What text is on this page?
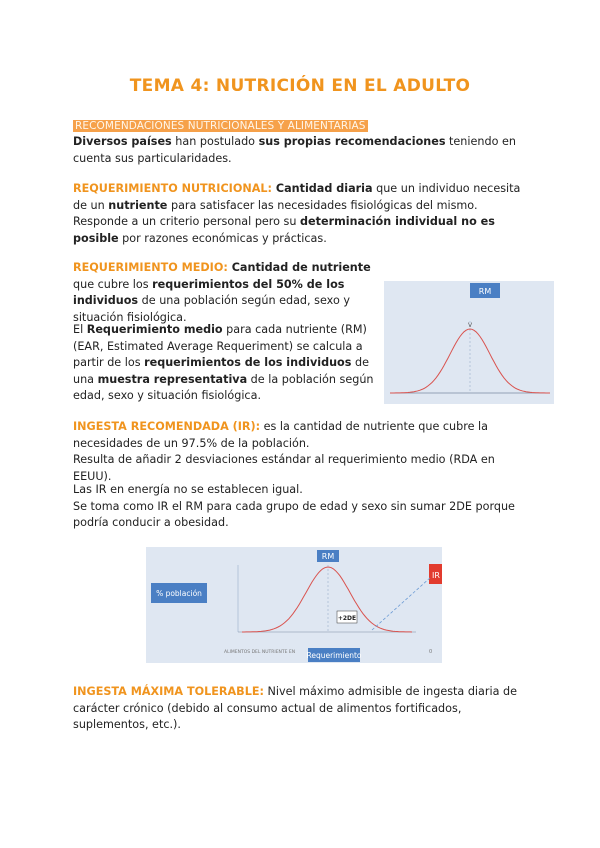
TEMA 4: NUTRICIÓN EN EL ADULTO
RECOMENDACIONES NUTRICIONALES Y ALIMENTARIAS

Diversos países han postulado sus propias recomendaciones teniendo en cuenta sus particularidades.

REQUERIMIENTO NUTRICIONAL: Cantidad diaria que un individuo necesita de un nutriente para satisfacer las necesidades fisiológicas del mismo.
Responde a un criterio personal pero su determinación individual no es posible por razones económicas y prácticas.

REQUERIMIENTO MEDIO: Cantidad de nutriente que cubre los requerimientos del 50% de los individuos de una población según edad, sexo y situación fisiológica.

El Requerimiento medio para cada nutriente (RM) (EAR, Estimated Average Requeriment) se calcula a partir de los requerimientos de los individuos de una muestra representativa de la población según edad, sexo y situación fisiológica.

RM
V

INGESTA RECOMENDADA (IR): es la cantidad de nutriente que cubre la necesidades de un 97.5% de la población.
Resulta de añadir 2 desviaciones estándar al requerimiento medio (RDA en EEUU).

Las IR en energía no se establecen igual.
Se toma como IR el RM para cada grupo de edad y sexo sin sumar 2DE porque podría conducir a obesidad.

RM
IR
% población
+2DE
ALIMENTOS DEL NUTRIENTE EN Requerimiento	0

INGESTA MÁXIMA TOLERABLE: Nivel máximo admisible de ingesta diaria de carácter crónico (debido al consumo actual de alimentos fortificados, suplementos, etc.).
